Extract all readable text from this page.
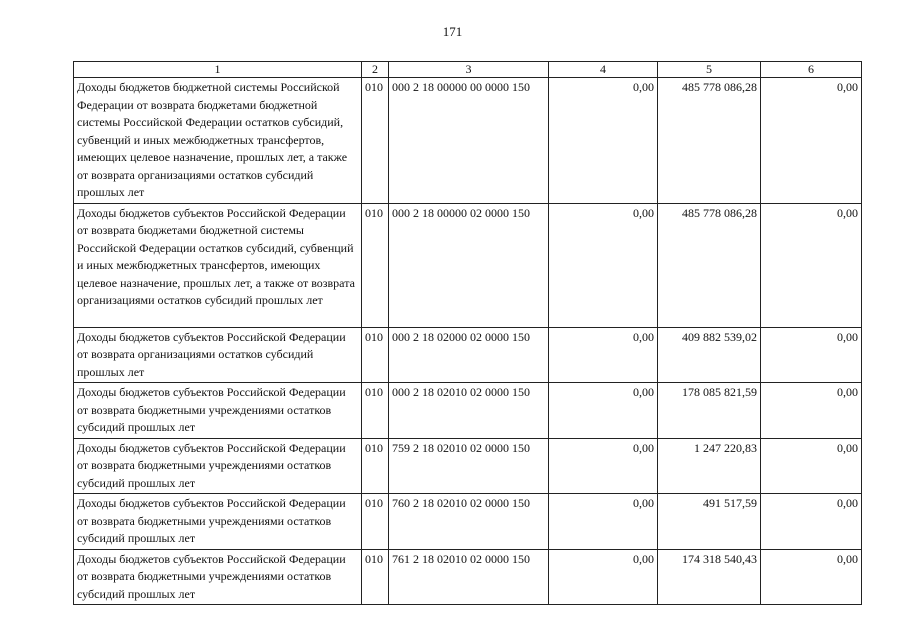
171
1	2	3	4	5	6
Доходы бюджетов бюджетной системы Российской Федерации от возврата бюджетами бюджетной системы Российской Федерации остатков субсидий, субвенций и иных межбюджетных трансфертов, имеющих целевое назначение, прошлых лет, а также от возврата организациями остатков субсидий прошлых лет	010	000 2 18 00000 00 0000 150	0,00	485 778 086,28	0,00
Доходы бюджетов субъектов Российской Федерации от возврата бюджетами бюджетной системы Российской Федерации остатков субсидий, субвенций и иных межбюджетных трансфертов, имеющих целевое назначение, прошлых лет, а также от возврата организациями остатков субсидий прошлых лет	010	000 2 18 00000 02 0000 150	0,00	485 778 086,28	0,00
Доходы бюджетов субъектов Российской Федерации от возврата организациями остатков субсидий прошлых лет	010	000 2 18 02000 02 0000 150	0,00	409 882 539,02	0,00
Доходы бюджетов субъектов Российской Федерации от возврата бюджетными учреждениями остатков субсидий прошлых лет	010	000 2 18 02010 02 0000 150	0,00	178 085 821,59	0,00
Доходы бюджетов субъектов Российской Федерации от возврата бюджетными учреждениями остатков субсидий прошлых лет	010	759 2 18 02010 02 0000 150	0,00	1 247 220,83	0,00
Доходы бюджетов субъектов Российской Федерации от возврата бюджетными учреждениями остатков субсидий прошлых лет	010	760 2 18 02010 02 0000 150	0,00	491 517,59	0,00
Доходы бюджетов субъектов Российской Федерации от возврата бюджетными учреждениями остатков субсидий прошлых лет	010	761 2 18 02010 02 0000 150	0,00	174 318 540,43	0,00
